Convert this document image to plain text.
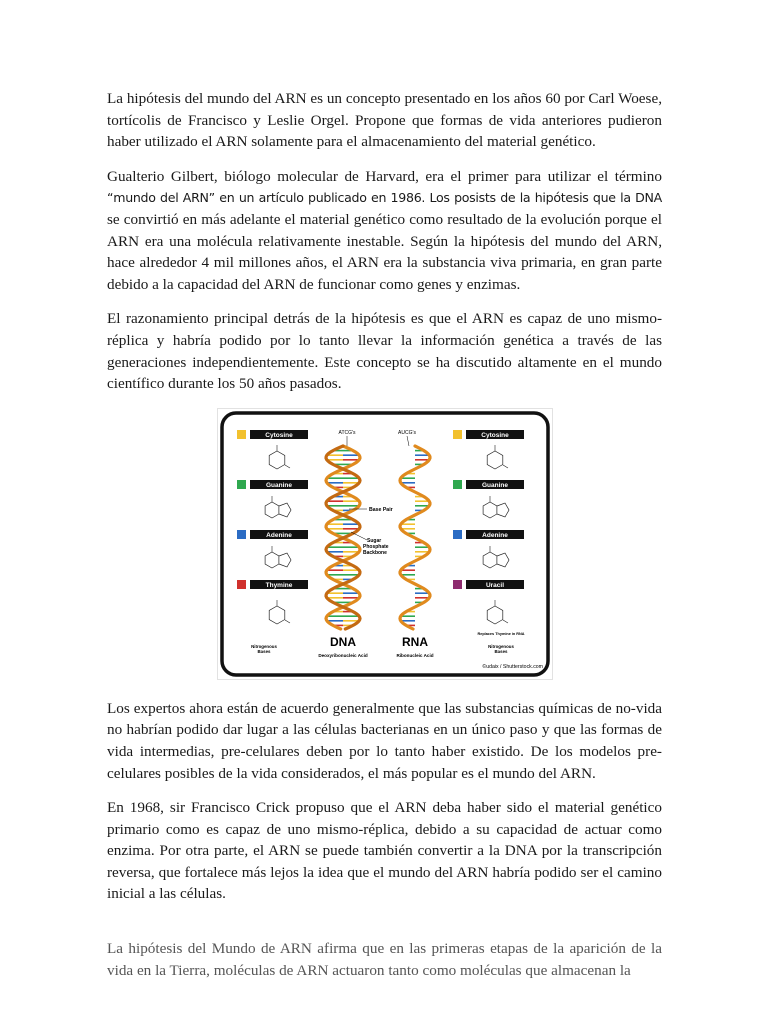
La hipótesis del mundo del ARN es un concepto presentado en los años 60 por Carl Woese, tortícolis de Francisco y Leslie Orgel. Propone que formas de vida anteriores pudieron haber utilizado el ARN solamente para el almacenamiento del material genético.

Gualterio Gilbert, biólogo molecular de Harvard, era el primer para utilizar el término “mundo del ARN” en un artículo publicado en 1986. Los posists de la hipótesis que la DNA se convirtió en más adelante el material genético como resultado de la evolución porque el ARN era una molécula relativamente inestable. Según la hipótesis del mundo del ARN, hace alrededor 4 mil millones años, el ARN era la substancia viva primaria, en gran parte debido a la capacidad del ARN de funcionar como genes y enzimas.

El razonamiento principal detrás de la hipótesis es que el ARN es capaz de uno mismo-réplica y habría podido por lo tanto llevar la información genética a través de las generaciones independientemente. Este concepto se ha discutido altamente en el mundo científico durante los 50 años pasados.

Cytosine
Guanine
Adenine
Thymine
Cytosine
Guanine
Adenine
Uracil
ATCG's	AUCG's
Base Pair
Sugar
Phosphate
Backbone
DNA
Deoxyribonucleic Acid
RNA
Ribonucleic Acid
Nitrogenous
Bases
Replaces Thymine in RNA
Nitrogenous
Bases
©udaix / Shutterstock.com

Los expertos ahora están de acuerdo generalmente que las substancias químicas de no-vida no habrían podido dar lugar a las células bacterianas en un único paso y que las formas de vida intermedias, pre-celulares deben por lo tanto haber existido. De los modelos pre-celulares posibles de la vida considerados, el más popular es el mundo del ARN.

En 1968, sir Francisco Crick propuso que el ARN deba haber sido el material genético primario como es capaz de uno mismo-réplica, debido a su capacidad de actuar como enzima. Por otra parte, el ARN se puede también convertir a la DNA por la transcripción reversa, que fortalece más lejos la idea que el mundo del ARN habría podido ser el camino inicial a las células.

La hipótesis del Mundo de ARN afirma que en las primeras etapas de la aparición de la vida en la Tierra, moléculas de ARN actuaron tanto como moléculas que almacenan la
